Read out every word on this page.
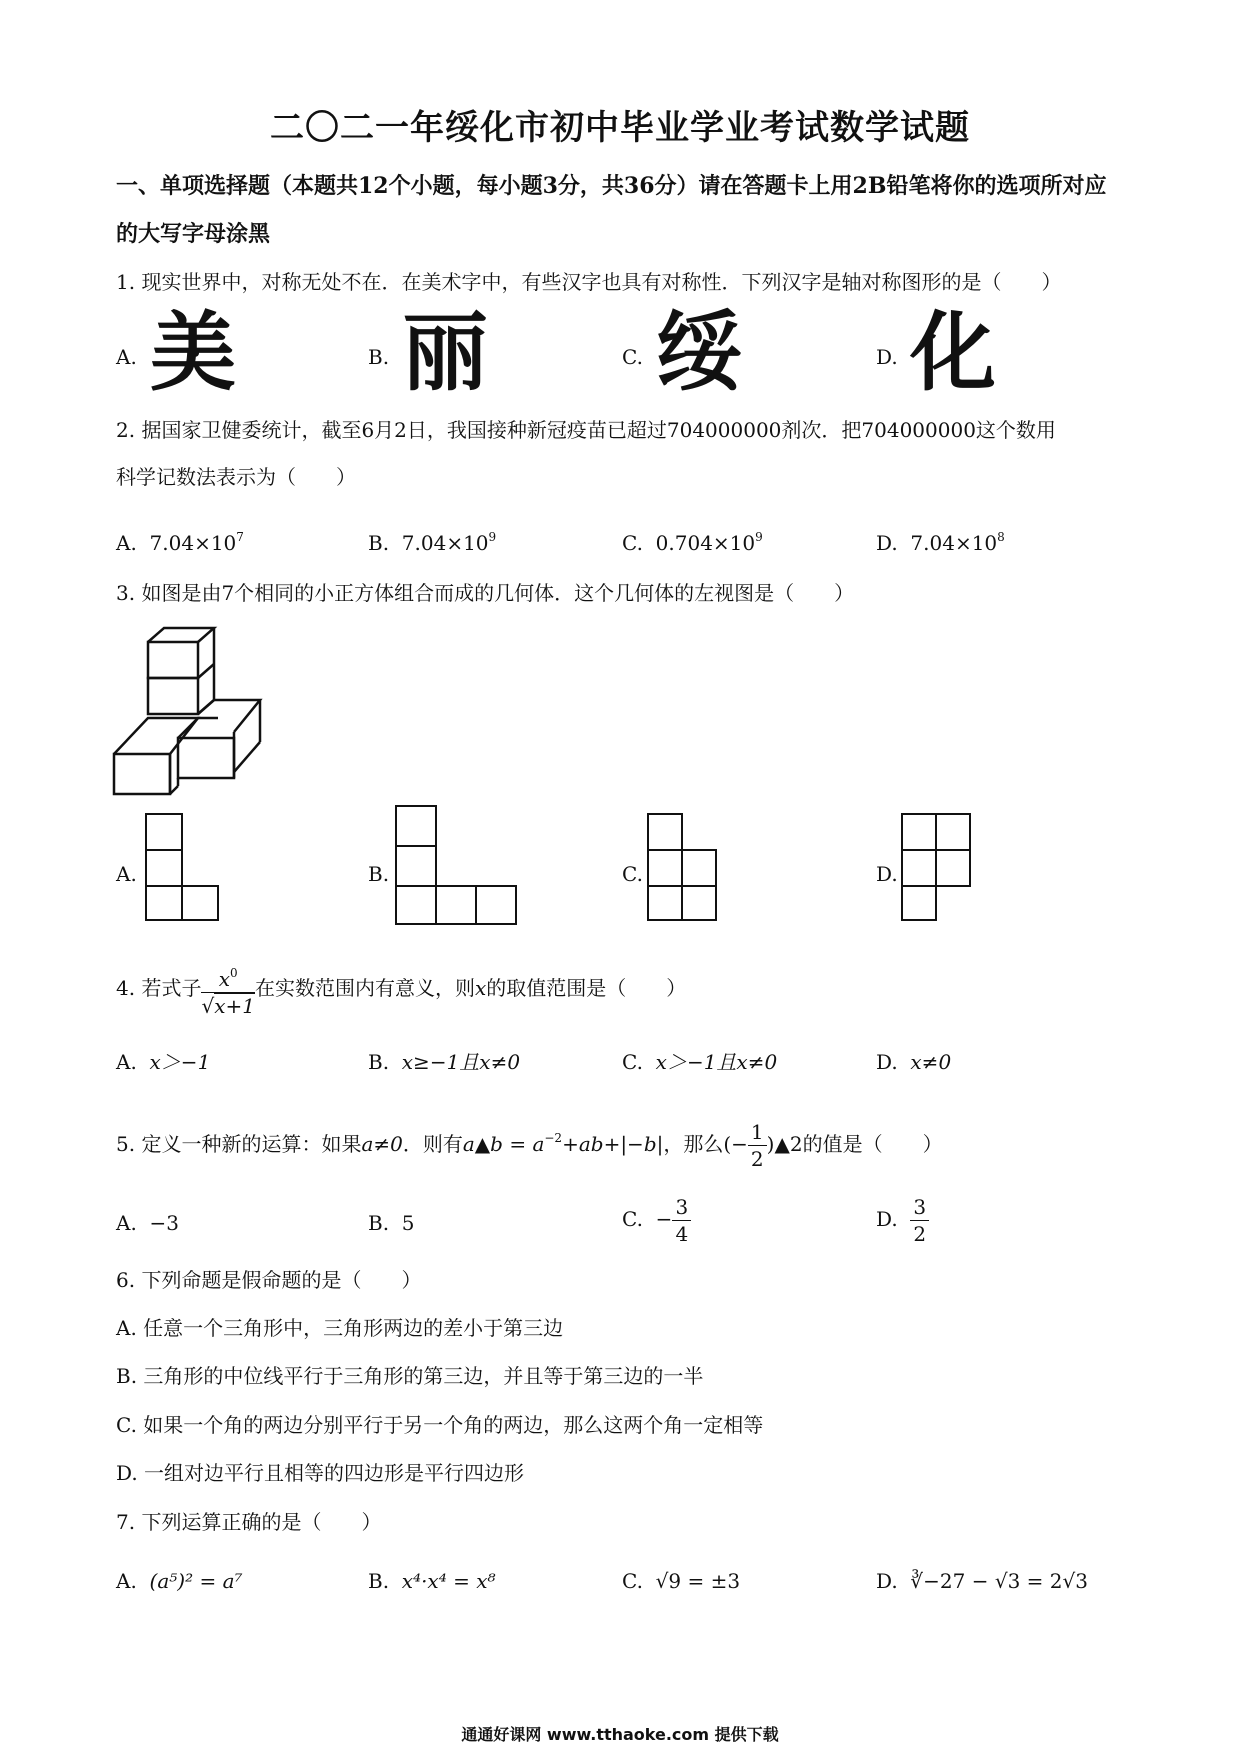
二〇二一年绥化市初中毕业学业考试数学试题
一、单项选择题（本题共12个小题，每小题3分，共36分）请在答题卡上用2B铅笔将你的选项所对应的大写字母涂黑
1. 现实世界中，对称无处不在．在美术字中，有些汉字也具有对称性．下列汉字是轴对称图形的是（　　）
A. 美	B. 丽	C. 绥	D. 化
2. 据国家卫健委统计，截至6月2日，我国接种新冠疫苗已超过704000000剂次．把704000000这个数用
科学记数法表示为（　　）
A. $7.04\times 10^7$	B. $7.04\times 10^9$	C. $0.704\times 10^9$	D. $7.04\times 10^8$
3. 如图是由7个相同的小正方体组合而成的几何体．这个几何体的左视图是（　　）
A.	B.	C.	D.
4. 若式子 $\frac{x^0}{√x+1}$ 在实数范围内有意义，则x的取值范围是（　　）
A. x＞−1	B. x≥−1且x≠0	C. x＞−1且x≠0	D. x≠0
5. 定义一种新的运算：如果a≠0．则有a▲b = $a^{-2}+ab+|-b|$，那么(− $\frac{1}{2}$ )▲2的值是（　　）
A. −3	B. 5	C. − $\frac{3}{4}$	D. $\frac{3}{2}$
6. 下列命题是假命题的是（　　）
A. 任意一个三角形中，三角形两边的差小于第三边
B. 三角形的中位线平行于三角形的第三边，并且等于第三边的一半
C. 如果一个角的两边分别平行于另一个角的两边，那么这两个角一定相等
D. 一组对边平行且相等的四边形是平行四边形
7. 下列运算正确的是（　　）
A. (a⁵)² = a⁷	B. x⁴·x⁴ = x⁸	C. √9 = ±3	D. ∛−27 − √3 = 2√3
通通好课网 www.tthaoke.com 提供下载
